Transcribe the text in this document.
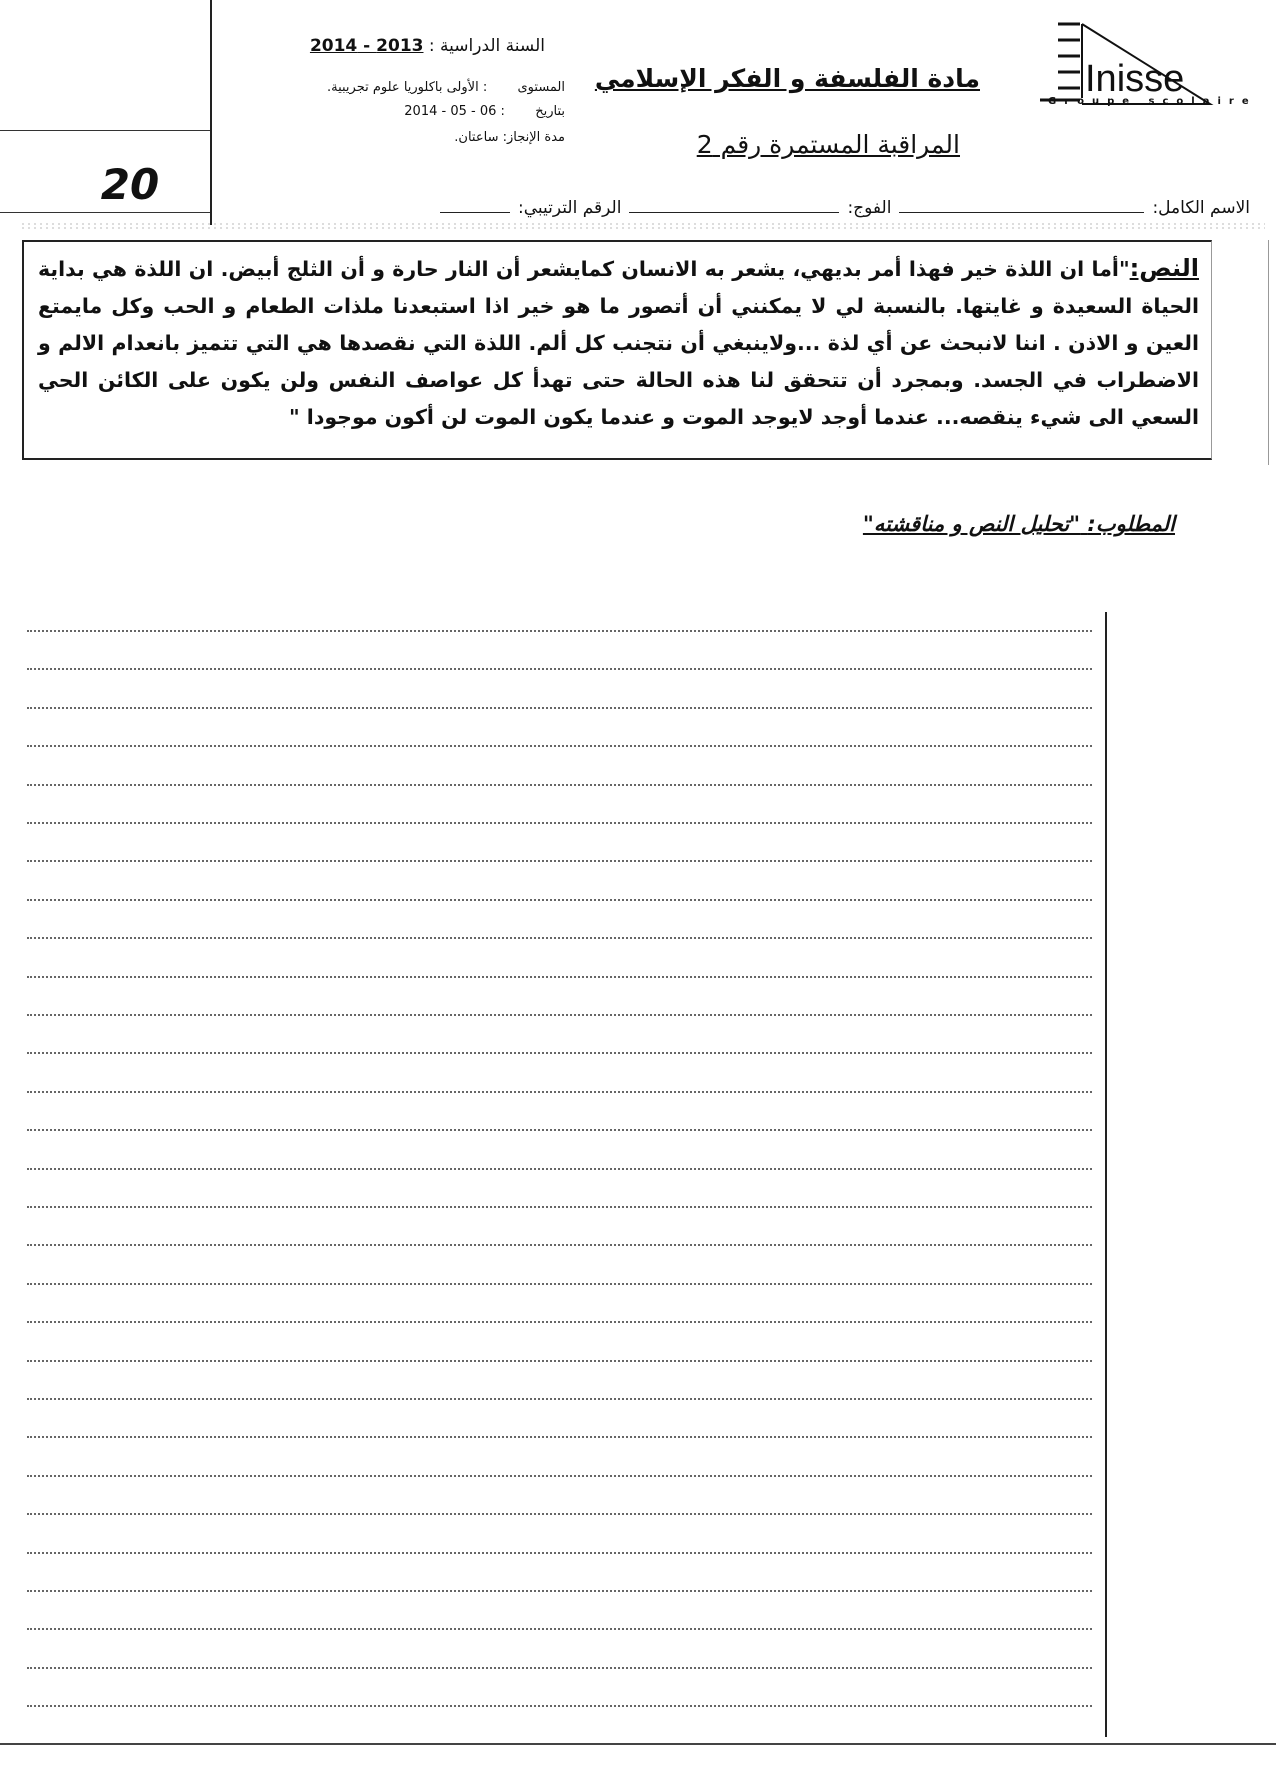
Inisse
Groupe scolaire
السنة الدراسية : 2013 - 2014
المستوى  : الأولى باكلوريا علوم تجريبية.
بتاريخ  : 06 - 05 - 2014
مدة الإنجاز: ساعتان.
مادة الفلسفة و الفكر الإسلامي
المراقبة المستمرة رقم 2
20	الاسم الكامل:
الفوج:
الرقم الترتيبي:

النص:"أما ان اللذة خير فهذا أمر بديهي، يشعر به الانسان كمايشعر أن النار حارة و أن الثلج أبيض. ان اللذة هي بداية الحياة السعيدة و غايتها. بالنسبة لي لا يمكنني أن أتصور ما هو خير اذا استبعدنا ملذات الطعام و الحب وكل مايمتع العين و الاذن . اننا لانبحث عن أي لذة ...ولاينبغي أن نتجنب كل ألم. اللذة التي نقصدها هي التي تتميز بانعدام الالم و الاضطراب في الجسد. وبمجرد أن تتحقق لنا هذه الحالة حتى تهدأ كل عواصف النفس ولن يكون على الكائن الحي السعي الى شيء ينقصه... عندما أوجد لايوجد الموت و عندما يكون الموت لن أكون موجودا "

المطلوب: "تحليل النص و مناقشته"
